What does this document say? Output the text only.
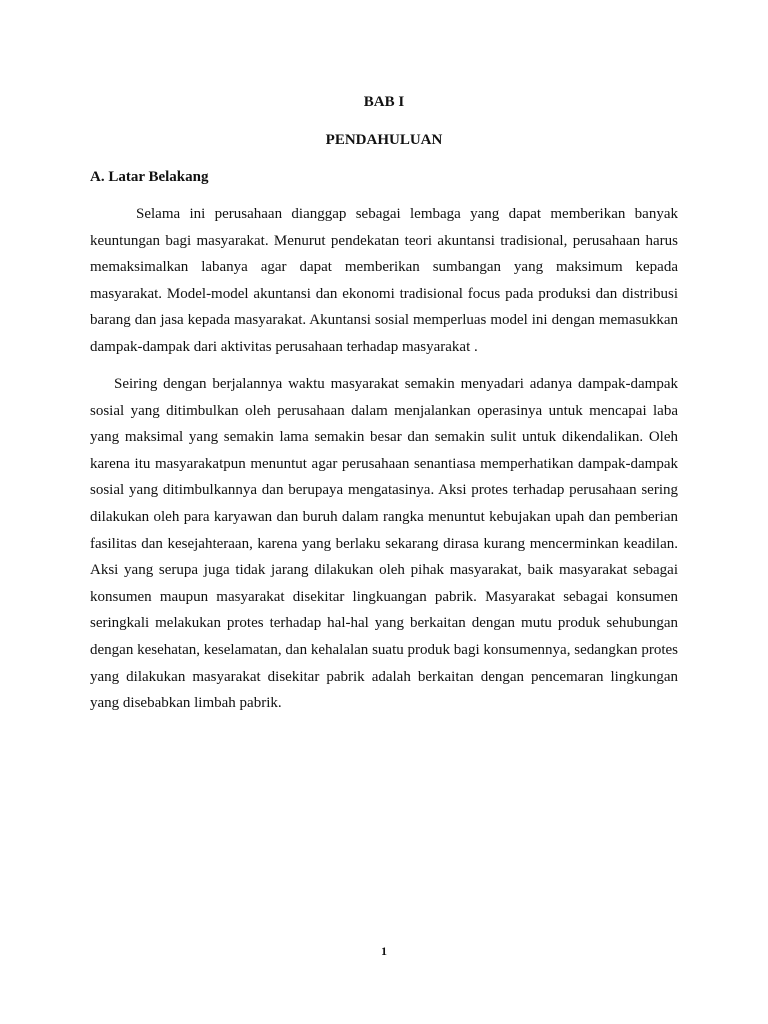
BAB I
PENDAHULUAN
A. Latar Belakang

Selama ini perusahaan dianggap sebagai lembaga yang dapat memberikan banyak keuntungan bagi masyarakat. Menurut pendekatan teori akuntansi tradisional, perusahaan harus memaksimalkan labanya agar dapat memberikan sumbangan yang maksimum kepada masyarakat. Model-model akuntansi dan ekonomi tradisional focus pada produksi dan distribusi barang dan jasa kepada masyarakat. Akuntansi sosial memperluas model ini dengan memasukkan dampak-dampak dari aktivitas perusahaan terhadap masyarakat .

Seiring dengan berjalannya waktu masyarakat semakin menyadari adanya dampak-dampak sosial yang ditimbulkan oleh perusahaan dalam menjalankan operasinya untuk mencapai laba yang maksimal yang semakin lama semakin besar dan semakin sulit untuk dikendalikan. Oleh karena itu masyarakatpun menuntut agar perusahaan senantiasa memperhatikan dampak-dampak sosial yang ditimbulkannya dan berupaya mengatasinya. Aksi protes terhadap perusahaan sering dilakukan oleh para karyawan dan buruh dalam rangka menuntut kebujakan upah dan pemberian fasilitas dan kesejahteraan, karena yang berlaku sekarang dirasa kurang mencerminkan keadilan. Aksi yang serupa juga tidak jarang dilakukan oleh pihak masyarakat, baik masyarakat sebagai konsumen maupun masyarakat disekitar lingkuangan pabrik. Masyarakat sebagai konsumen seringkali melakukan protes terhadap hal-hal yang berkaitan dengan mutu produk sehubungan dengan kesehatan, keselamatan, dan kehalalan suatu produk bagi konsumennya, sedangkan protes yang dilakukan masyarakat disekitar pabrik adalah berkaitan dengan pencemaran lingkungan yang disebabkan limbah pabrik.

1
